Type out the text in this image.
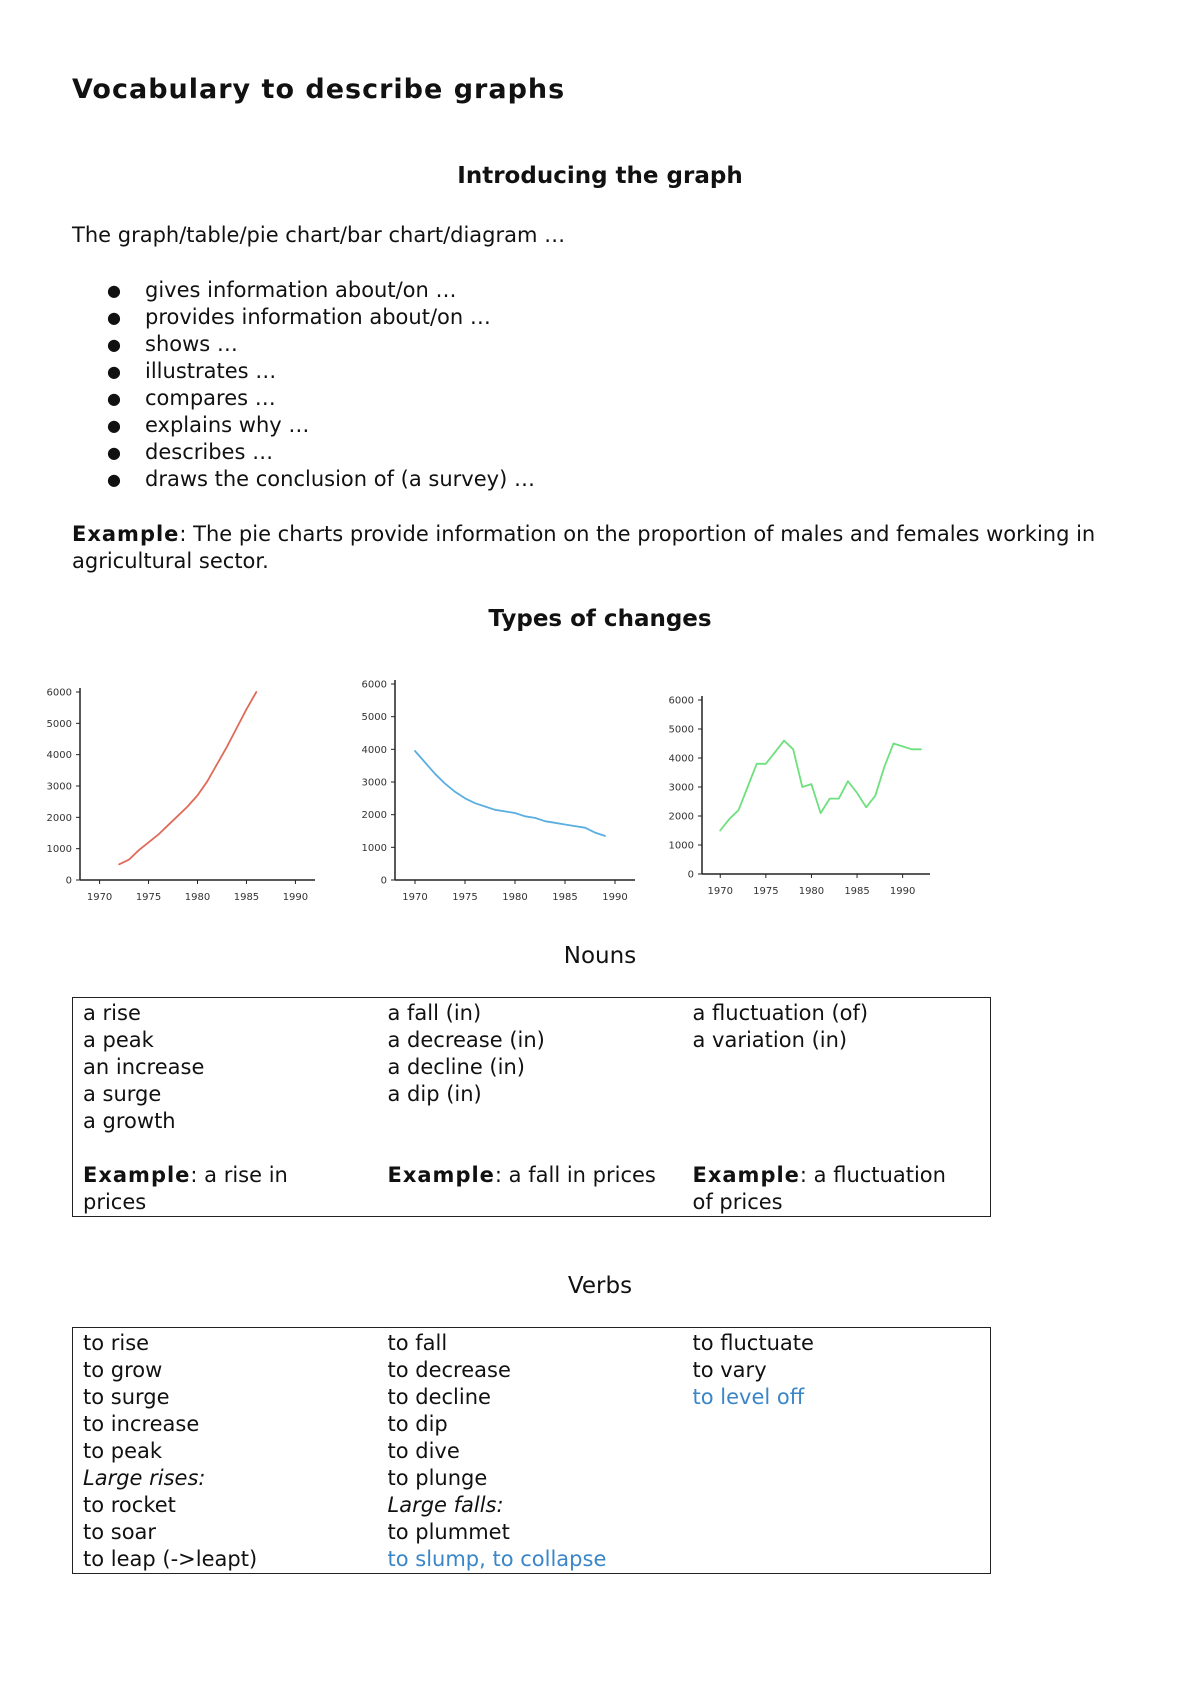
Vocabulary to describe graphs
Introducing the graph
The graph/table/pie chart/bar chart/diagram …
● gives information about/on …
● provides information about/on …
● shows …
● illustrates …
● compares …
● explains why …
● describes …
● draws the conclusion of (a survey) …
Example: The pie charts provide information on the proportion of males and females working in agricultural sector.
Types of changes
0
1000
2000
3000
4000
5000
6000
1970 1975 1980 1985 1990
0
1000
2000
3000
4000
5000
6000
1970 1975 1980 1985 1990
0
1000
2000
3000
4000
5000
6000
1970 1975 1980 1985 1990
Nouns
a rise
a peak
an increase
a surge
a growth
Example: a rise in prices

a fall (in)
a decrease (in)
a decline (in)
a dip (in)
Example: a fall in prices

a fluctuation (of)
a variation (in)
Example: a fluctuation of prices
Verbs
to rise
to grow
to surge
to increase
to peak
Large rises:
to rocket
to soar
to leap (->leapt)

to fall
to decrease
to decline
to dip
to dive
to plunge
Large falls:
to plummet
to slump, to collapse

to fluctuate
to vary
to level off
